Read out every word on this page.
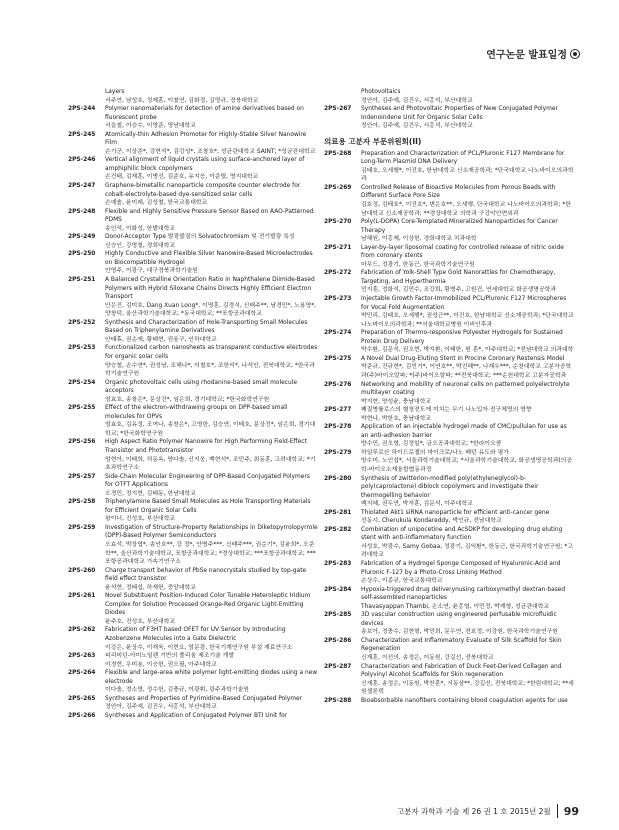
연구논문 발표일정
Layers
서주연, 남성호, 정제훈, 이철연, 김화정, 김영규, 경북대학교
2PS-244	Polymer nanomaterials for detection of amine derivatives based on fluorescent probe
서을철, 이승수, 이영준, 영남대학교
2PS-245	Atomically-thin Adhesion Promoter for Highly-Stable Silver Nanowire Film
손기군, 이상준*, 강현석*, 김강성*, 조창호*, 성균관대학교 SAINT; *성균관대학교
2PS-246	Vertical alignment of liquid crystals using surface-anchored layer of amphiphilic block copolymers
손건태, 김재훈, 이병선, 김준호, 유지응, 이준렬, 명지대학교
2PS-247	Graphene-bimetallic nanoparticle composite counter electrode for cobalt-electrolyte-based dye-sensitized solar cells
손예솔, 윤미래, 김성철, 한국교통대학교
2PS-248	Flexible and Highly Sensitive Pressure Sensor Based on AAO-Patterned PDMS
송인석, 이화성, 한밭대학교
2PS-249	Donor-Acceptor Type 발광물질의 Solvatochromism 및 전기발광 특성
신승인, 강영철, 경희대학교
2PS-250	Highly Conductive and Flexible Silver Nanowire-Based Microelectrodes on Biocompatible Hydrogel
안영주, 이광구, 대구경북과학기술원
2PS-251	A Balanced Crystalline Orientation Ratio in Naphthalene Diimide-Based Polymers with Hybrid Siloxane Chains Directs Highly Efficient Electron Transport
안은진, 김미호, Dang Xuan Long*, 이명훈, 김경식, 신태주**, 남경민*, 노용영*, 양창덕, 울산과학기술대학교; *동국대학교; **포항공과대학교
2PS-252	Synthesis and Characterization of Hole-Transporting Small Molecules Based on Triphenylamine Derivatives
안태휴, 권순재, 황태현, 권용구, 인하대학교
2PS-253	Functionalized carbon nanosheets as transparent conductive electrodes for organic solar cells
양승철, 손수연*, 권성남, 조해나*, 이철호*, 조한익*, 나석인, 전북대학교; *한국과학기술연구원
2PS-254	Organic photovoltaic cells using rhodanine-based small molecule acceptors
엄효호, 송창은*, 문상진*, 임은희, 경기대학교; *한국화학연구원
2PS-255	Effect of the electron-withdrawing groups on DPP-based small molecules for OPVs
엄효호, 김유정, 조여나, 송창은*, 고영한, 김승연, 이태호, 문상진*, 임은희, 경기대학교; *한국화학연구원
2PS-256	High Aspect Ratio Polymer Nanowire for High Performing Field-Effect Transistor and Phototransistor
엄현아, 이태희, 허동옥, 양다솔, 신지웅, 백현석*, 조민주, 최동훈, 고려대학교; *기초과학연구소
2PS-257	Side-Chain Molecular Engineering of DPP-Based Conjugated Polymers for OTFT Applications
오경민, 정지현, 김태동, 한남대학교
2PS-258	Triphenylamine Based Small Molecules as Hole Transporting Materials for Efficient Organic Solar Cells
왕이너, 진성호, 부산대학교
2PS-259	Investigation of Structure-Property Relationships in Diketopyrrolopyrrole (DPP)-Based Polymer Semiconductors
오효석, 박장엽*, 송인호**, 강 정*, 안병주***, 신태주***, 권순기*, 김윤희*, 오준학**, 울산과학기술대학교, 포항공과대학교; *경상대학교; ***포항공과대학교; ***포항공과대학교 가속기연구소
2PS-260	Charge transport behavior of PbSe nanocrystals studied by top-gate field effect transistor
윤석현, 정태섭, 하재헌, 중앙대학교
2PS-261	Novel Substituent Position-Induced Color Tunable Heteroleptic Iridium Complex for Solution Processed Orange-Red Organic Light-Emitting Diodes
윤주호, 진성호, 부산대학교
2PS-262	Fabrication of F3HT based OFET for UV Sensor by Introducing Azobenzene Molecules into a Gate Dielectric
이강은, 윤상수, 이재욱, 이현요, 엄문광, 한국기계연구원 부설 재료연구소
2PS-263	피리미딘-아미노일렌 기반의 폴리움 제조기술 개발
이경현, 우미용, 이승헌, 권오필, 아주대학교
2PS-264	Flexible and large-area white polymer light-emitting diodes using a new electrode
이다솔, 정소영, 정수헌, 김충규, 이광휘, 광주과학기술원
2PS-265	Syntheses and Properties of Pyrimidine-Based Conjugated Polymer
정안아, 김주예, 김진우, 서홍석, 부산대학교
2PS-266	Syntheses and Application of Conjugated Polymer BTI Unit for
Photovoltaics
정안아, 김주예, 김진우, 서홍석, 부산대학교
2PS-267	Syntheses and Photovoltaic Properties of New Conjugated Polymer Indenoindene Unit for Organic Solar Cells
정안아, 김주예, 김진우, 서홍석, 부산대학교
의료용 고분자 부문위원회(II)
2PS-268	Preparation and Characterization of PCL/Pluronic F127 Membrane for Long-Term Plasmid DNA Delivery
김태호, 오세행*, 이진호, 한남대학교 신소재공학과; *단국대학교 나노바이오의과학과
2PS-269	Controlled Release of Bioactive Molecules from Porous Beads with Different Surface Pore Size
김호정, 김태호*, 이진호*, 변은호**, 오세행, 단국대학교 나노바이오의과학과; *한남대학교 신소재공학과; **경상대학교 의학과 구강악안면외과
2PS-270	Poly(L-DOPA) Core-Templated Mineralized Nanoparticles for Cancer Therapy
남혜원, 이홍제, 이상헌, 경희대학교 치과대학
2PS-271	Layer-by-layer liposomal coating for controlled release of nitric oxide from coronary stents
마무드, 정광기, 한동근, 한국과학기술연구원
2PS-272	Fabrication of Yolk-Shell Type Gold Nanorattles for Chemotherapy, Targeting, and Hyperthermia
민지훈, 정화석, 김민수, 조강희, 황병주, 고원건, 연세대학교 화공생명공학과
2PS-273	Injectable Growth Factor-Immobilized PCL/Pluronic F127 Microspheres for Vocal Fold Augmentation
박민리, 김태호, 오세행*, 권성근**, 이진호, 한남대학교 신소재공학과; *단국대학교 나노바이오의과학과; **서울대학교병원 이비인후과
2PS-274	Preparation of Thermo-responsive Polyester Hydrogels for Sustained Protein Drug Delivery
박수환, 김문석, 권오현, 박지환, 이태한, 원 훈*, 아주대학교; *전남대학교 의과대학
2PS-275	A Novel Dual Drug-Eluting Stent in Procine Coronary Restensis Model
박준규, 진규현*, 김민기*, 이연호**, 박진혜**, 나재우***, 순천대학교 고분자공학과(주)바이오알파; *(주)바이오알파; **전북대학교; ***순천대학교 고분자공학과
2PS-276	Networking and mobility of neuronal cells on patterned polyelectrolyte multilayer coating
박지현, 양성윤, 충남대학교
2PS-277	폐질병률로스의 혈청전도에 미치는 무기 나노입자 전구체영의 영향
박현나, 박한호, 충남대학교
2PS-278	Application of an injectable hydrogel made of CMC/pullulan for use as an anti-adhesion barrier
방수민, 권오형, 김정일*, 금오공과대학교; *한라이오콤
2PS-279	하일루로산 하이드로젤의 마이크로/나노 패턴 유도와 평가
방수미, 노인섭*, 서울과학기술대학교; *서울과학기술대학교, 화공생명공학과(의공학-바이오소재융합협동과정
2PS-280	Synthesis of zwitterion-modified poly(ethyleneglycol)-b-poly(caprolactone) diblock copolymers and investigate their thermogelling behavior
백지혜, 권두연, 박지훈, 김문석, 아주대학교
2PS-281	Thiolated Akt1 siRNA nanoparticle for efficient anti-cancer gene
선동시, Cherukula Kondareddy, 박인규, 전남대학교
2PS-282	Combination of unipocetine and AcSDKP for developing drug eluting stent with anti-inflammatory function
서성호, 박광수, Samy Gobaa, 정광기, 김익환*, 한동근, 한국과학기술연구원; *고려대학교
2PS-283	Fabrication of a Hydrogel Sponge Composed of Hyaluronic-Acid and Pluronic F-127 by a Photo-Cross Linking Method
손상수, 이종규, 한국교통대학교
2PS-284	Hypoxia-triggered drug deliverynusing carboxymethyl dextran-based self-assembled nanoparticles
Thavasyappan Thambi, 손소연, 윤홍엽, 이민정, 박재형, 성균관대학교
2PS-285	3D vascular construction using engineered perfusable microfluidic devices
송보아, 정충수, 김현형, 박민희, 문두연, 전호정, 이강원, 한국과학기술연구원
2PS-286	Characterization and Inflammatory Evaluate of Silk Scaffold for Skin Regeneration
신재훈, 이선의, 송정은, 이동원, 강길선, 전북대학교
2PS-287	Characterization and Fabrication of Duck Feet-Derived Collagen and Polyvinyl Alcohol Scaffolds for Skin regeneration
신재훈, 송정은, 이동원, 박찬훈*, 서동삼**, 강길선, 전북대학교; *한림대학교; **세원셀론텍
2PS-288	Bioabsorbable nanofibers containing blood coagulation agents for use
고분자 과학과 기술 제 26 권 1 호 2015년 2월 99
